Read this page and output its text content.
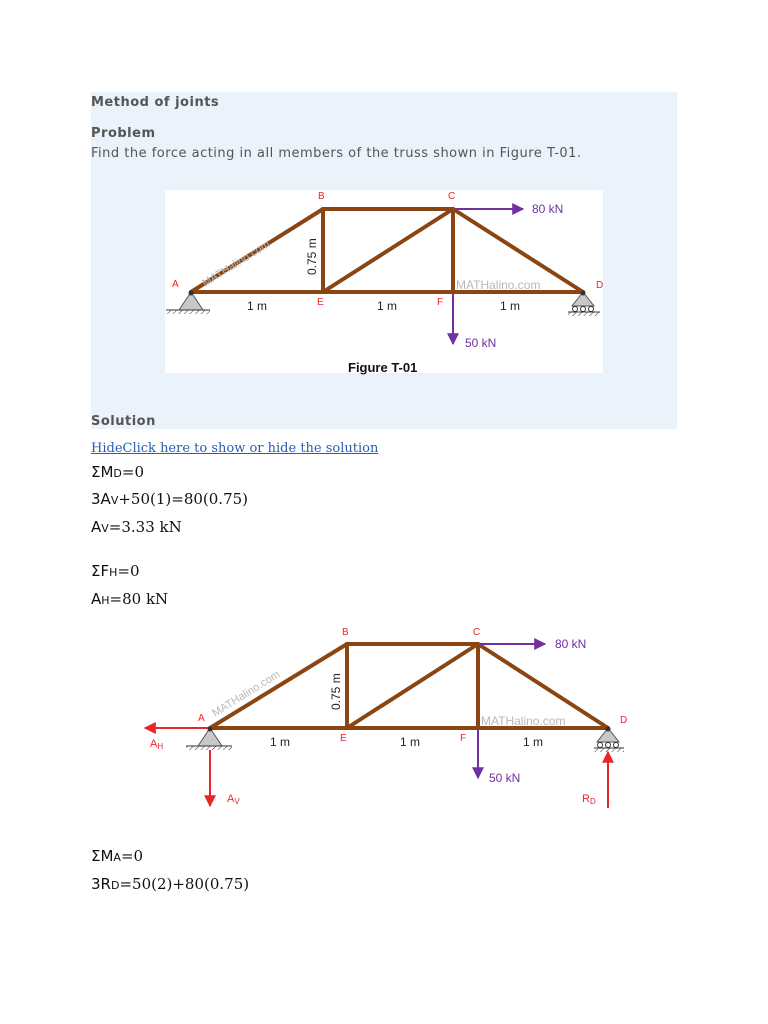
Method of joints
Problem
Find the force acting in all members of the truss shown in Figure T-01.
80 kN
50 kN
A
B	C
D
E	F
1 m	1 m	1 m
0.75 m
MATHalino.com	MATHalino.com
Figure T-01
Solution
HideClick here to show or hide the solution
ΣMD=0
3AV+50(1)=80(0.75)
AV=3.33 kN
ΣFH=0
AH=80 kN
80 kN
50 kN
AH
AV	RD
A
B	C
D
E	F
1 m	1 m	1 m
0.75 m
MATHalino.com
MATHalino.com
ΣMA=0
3RD=50(2)+80(0.75)
